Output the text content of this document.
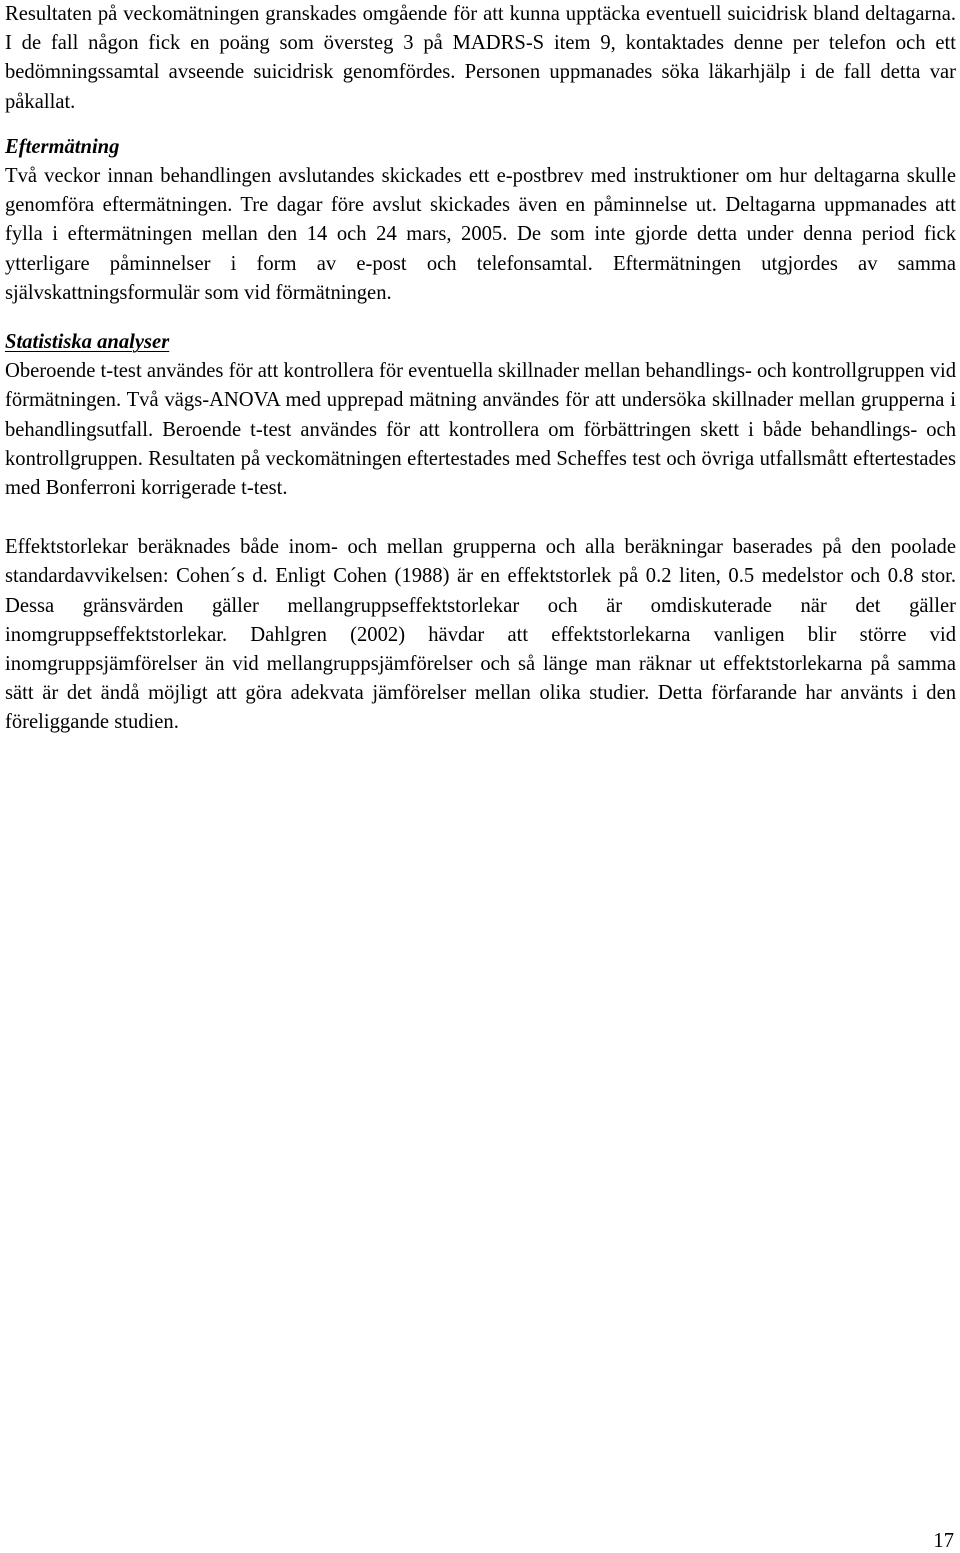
Resultaten på veckomätningen granskades omgående för att kunna upptäcka eventuell suicidrisk bland deltagarna. I de fall någon fick en poäng som översteg 3 på MADRS-S item 9, kontaktades denne per telefon och ett bedömningssamtal avseende suicidrisk genomfördes. Personen uppmanades söka läkarhjälp i de fall detta var påkallat.

Eftermätning

Två veckor innan behandlingen avslutandes skickades ett e-postbrev med instruktioner om hur deltagarna skulle genomföra eftermätningen. Tre dagar före avslut skickades även en påminnelse ut. Deltagarna uppmanades att fylla i eftermätningen mellan den 14 och 24 mars, 2005. De som inte gjorde detta under denna period fick ytterligare påminnelser i form av e-post och telefonsamtal. Eftermätningen utgjordes av samma självskattningsformulär som vid förmätningen.

Statistiska analyser

Oberoende t-test användes för att kontrollera för eventuella skillnader mellan behandlings- och kontrollgruppen vid förmätningen. Två vägs-ANOVA med upprepad mätning användes för att undersöka skillnader mellan grupperna i behandlingsutfall. Beroende t-test användes för att kontrollera om förbättringen skett i både behandlings- och kontrollgruppen. Resultaten på veckomätningen eftertestades med Scheffes test och övriga utfallsmått eftertestades med Bonferroni korrigerade t-test.

Effektstorlekar beräknades både inom- och mellan grupperna och alla beräkningar baserades på den poolade standardavvikelsen: Cohen´s d. Enligt Cohen (1988) är en effektstorlek på 0.2 liten, 0.5 medelstor och 0.8 stor. Dessa gränsvärden gäller mellangruppseffektstorlekar och är omdiskuterade när det gäller inomgruppseffektstorlekar. Dahlgren (2002) hävdar att effektstorlekarna vanligen blir större vid inomgruppsjämförelser än vid mellangruppsjämförelser och så länge man räknar ut effektstorlekarna på samma sätt är det ändå möjligt att göra adekvata jämförelser mellan olika studier. Detta förfarande har använts i den föreliggande studien.

17
